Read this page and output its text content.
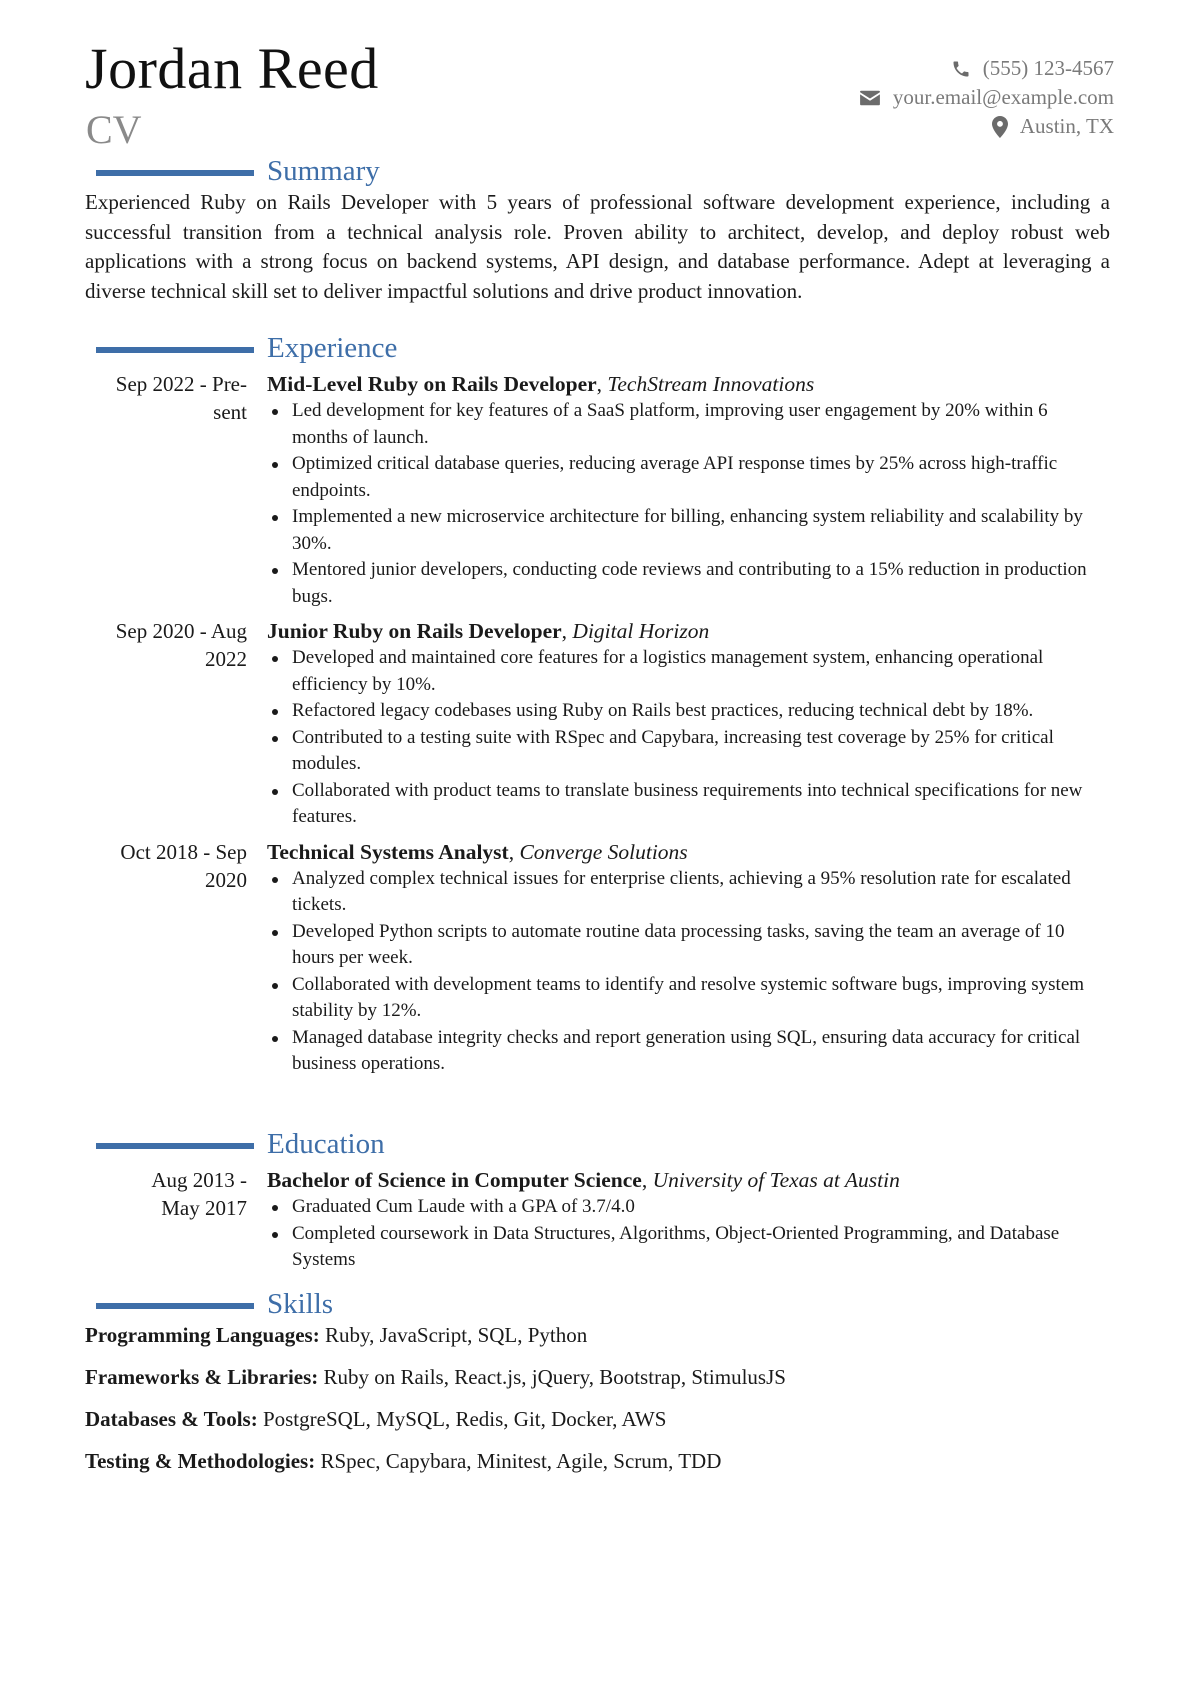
Jordan Reed
CV
(555) 123-4567
your.email@example.com
Austin, TX
Summary
Experienced Ruby on Rails Developer with 5 years of professional software development experience, including a successful transition from a technical analysis role. Proven ability to architect, develop, and deploy robust web applications with a strong focus on backend systems, API design, and database performance. Adept at leveraging a diverse technical skill set to deliver impactful solutions and drive product innovation.
Experience
Sep 2022 - Pre-
sent
Mid-Level Ruby on Rails Developer, TechStream Innovations
Led development for key features of a SaaS platform, improving user engagement by 20% within 6 months of launch.
Optimized critical database queries, reducing average API response times by 25% across high-traffic endpoints.
Implemented a new microservice architecture for billing, enhancing system reliability and scalability by 30%.
Mentored junior developers, conducting code reviews and contributing to a 15% reduction in production bugs.
Sep 2020 - Aug
2022
Junior Ruby on Rails Developer, Digital Horizon
Developed and maintained core features for a logistics management system, enhancing operational efficiency by 10%.
Refactored legacy codebases using Ruby on Rails best practices, reducing technical debt by 18%.
Contributed to a testing suite with RSpec and Capybara, increasing test coverage by 25% for critical modules.
Collaborated with product teams to translate business requirements into technical specifications for new features.
Oct 2018 - Sep
2020
Technical Systems Analyst, Converge Solutions
Analyzed complex technical issues for enterprise clients, achieving a 95% resolution rate for escalated tickets.
Developed Python scripts to automate routine data processing tasks, saving the team an average of 10 hours per week.
Collaborated with development teams to identify and resolve systemic software bugs, improving system stability by 12%.
Managed database integrity checks and report generation using SQL, ensuring data accuracy for critical business operations.
Education
Aug 2013 -
May 2017
Bachelor of Science in Computer Science, University of Texas at Austin
Graduated Cum Laude with a GPA of 3.7/4.0
Completed coursework in Data Structures, Algorithms, Object-Oriented Programming, and Database Systems
Skills
Programming Languages: Ruby, JavaScript, SQL, Python
Frameworks & Libraries: Ruby on Rails, React.js, jQuery, Bootstrap, StimulusJS
Databases & Tools: PostgreSQL, MySQL, Redis, Git, Docker, AWS
Testing & Methodologies: RSpec, Capybara, Minitest, Agile, Scrum, TDD
